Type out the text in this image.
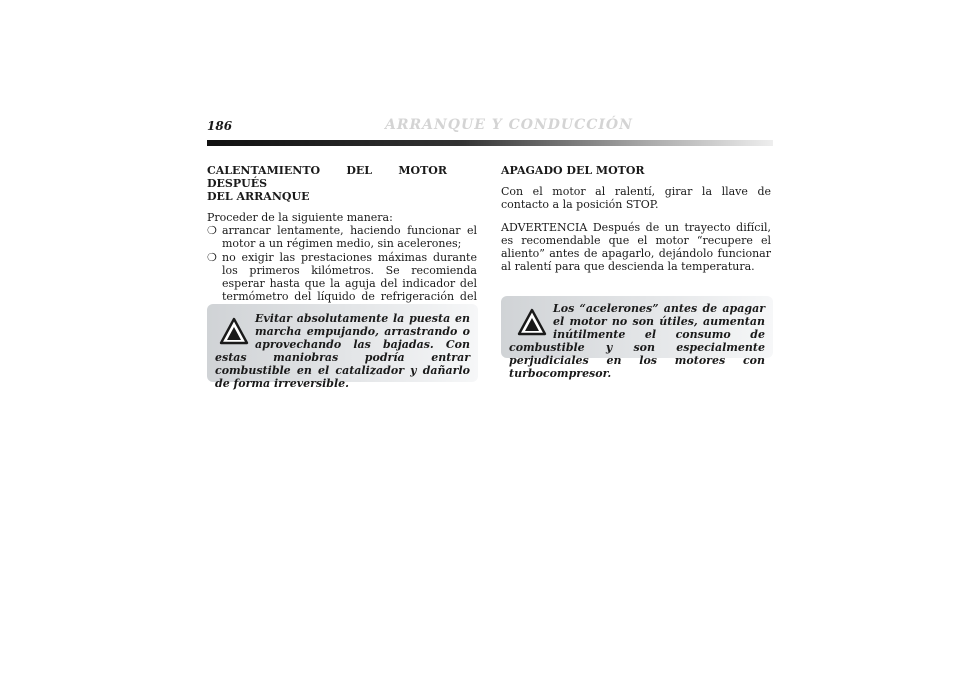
186	ARRANQUE Y CONDUCCIÓN
CALENTAMIENTO DEL MOTOR DESPUÉS
DEL ARRANQUE
Proceder de la siguiente manera:
❍ arrancar lentamente, haciendo funcionar el motor a un régimen medio, sin acelerones;
❍ no exigir las prestaciones máximas durante los primeros kilómetros. Se recomienda esperar hasta que la aguja del indicador del termómetro del líquido de refrigeración del
Evitar absolutamente la puesta en marcha empujando, arrastrando o aprovechando las bajadas. Con estas maniobras podría entrar combustible en el catalizador y dañarlo de forma irreversible.
APAGADO DEL MOTOR

Con el motor al ralentí, girar la llave de contacto a la posición STOP.

ADVERTENCIA Después de un trayecto difícil, es recomendable que el motor “recupere el aliento” antes de apagarlo, dejándolo funcionar al ralentí para que descienda la temperatura.

Los “acelerones” antes de apagar el motor no son útiles, aumentan inútilmente el consumo de combustible y son especialmente perjudiciales en los motores con turbocompresor.
